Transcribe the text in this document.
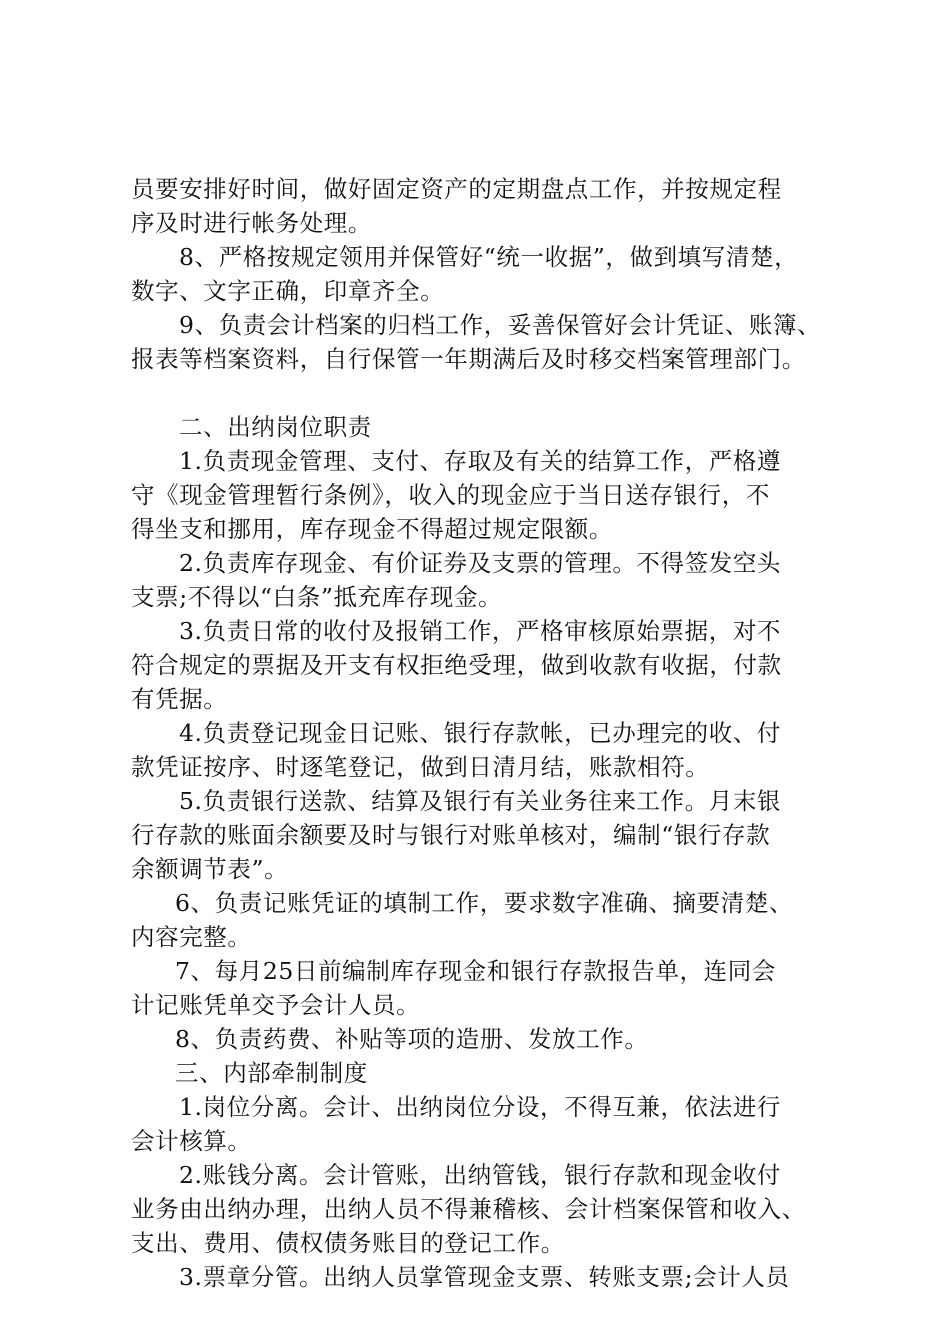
员要安排好时间，做好固定资产的定期盘点工作，并按规定程
序及时进行帐务处理。
8、严格按规定领用并保管好“统一收据”，做到填写清楚，
数字、文字正确，印章齐全。
9、负责会计档案的归档工作，妥善保管好会计凭证、账簿、
报表等档案资料，自行保管一年期满后及时移交档案管理部门。
二、出纳岗位职责
1.负责现金管理、支付、存取及有关的结算工作，严格遵
守《现金管理暂行条例》，收入的现金应于当日送存银行，不
得坐支和挪用，库存现金不得超过规定限额。
2.负责库存现金、有价证券及支票的管理。不得签发空头
支票;不得以“白条”抵充库存现金。
3.负责日常的收付及报销工作，严格审核原始票据，对不
符合规定的票据及开支有权拒绝受理，做到收款有收据，付款
有凭据。
4.负责登记现金日记账、银行存款帐，已办理完的收、付
款凭证按序、时逐笔登记，做到日清月结，账款相符。
5.负责银行送款、结算及银行有关业务往来工作。月末银
行存款的账面余额要及时与银行对账单核对，编制“银行存款
余额调节表”。
6、负责记账凭证的填制工作，要求数字准确、摘要清楚、
内容完整。
7、每月25日前编制库存现金和银行存款报告单，连同会
计记账凭单交予会计人员。
8、负责药费、补贴等项的造册、发放工作。
三、内部牵制制度
1.岗位分离。会计、出纳岗位分设，不得互兼，依法进行
会计核算。
2.账钱分离。会计管账，出纳管钱，银行存款和现金收付
业务由出纳办理，出纳人员不得兼稽核、会计档案保管和收入、
支出、费用、债权债务账目的登记工作。
3.票章分管。出纳人员掌管现金支票、转账支票;会计人员
